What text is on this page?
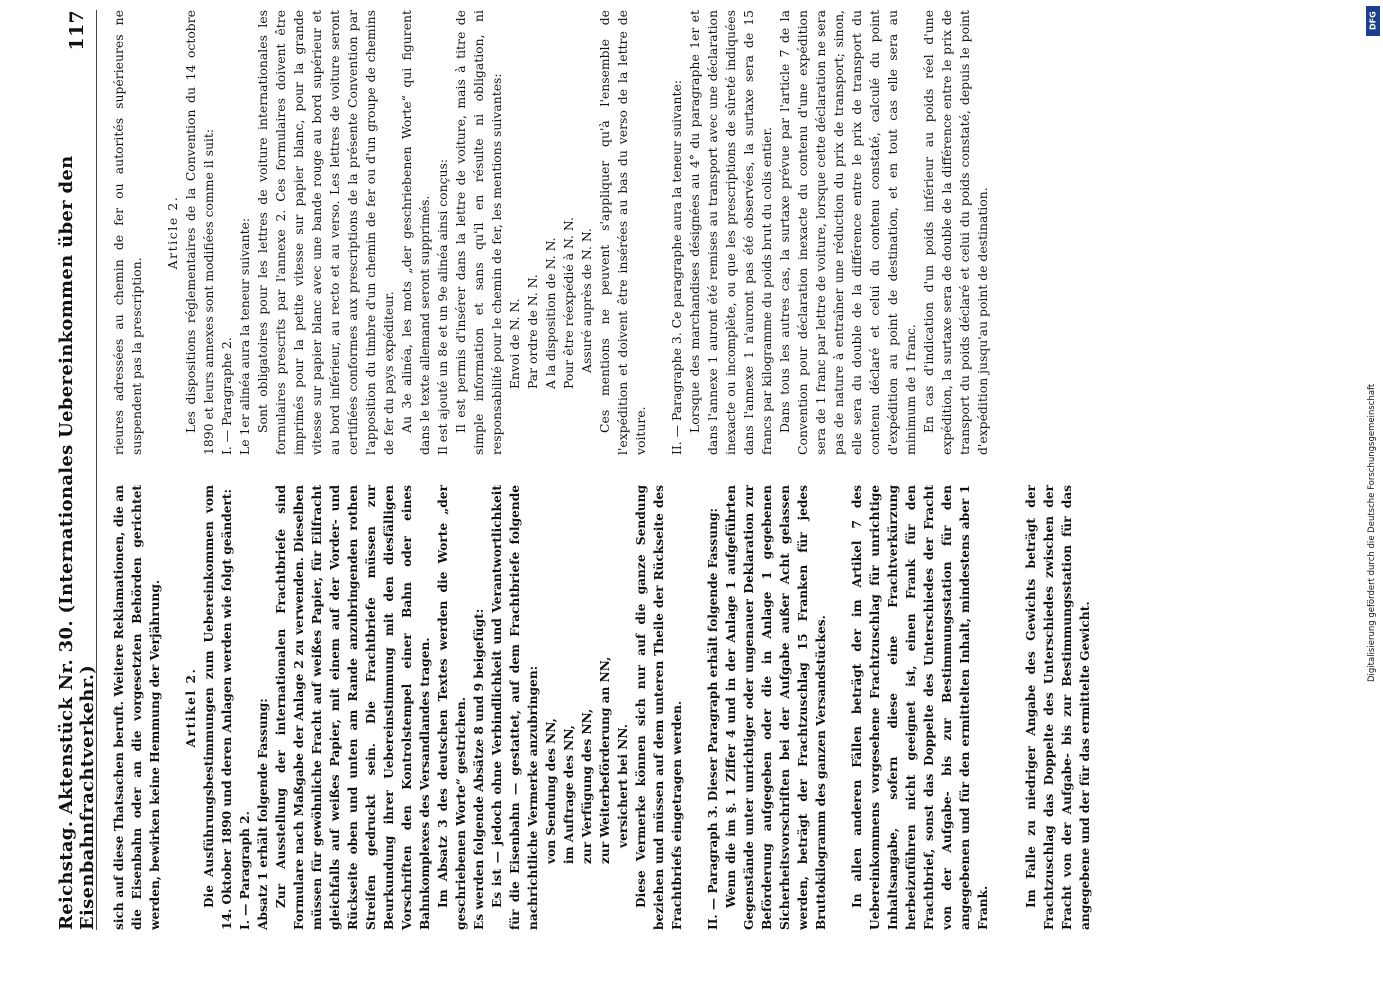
Reichstag. Aktenstück Nr. 30. (Internationales Uebereinkommen über den Eisenbahnfrachtverkehr.)
117

sich auf diese Thatsachen beruft. Weitere Reklamationen, die an die Eisenbahn oder an die vorgesetzten Behörden gerichtet werden, bewirken keine Hemmung der Verjährung. Artikel 2. Die Ausführungsbestimmungen zum Uebereinkommen vom 14. Oktober 1890 und deren Anlagen werden wie folgt geändert: I. — Paragraph 2. Absatz 1 erhält folgende Fassung: Zur Ausstellung der internationalen Frachtbriefe sind Formulare nach Maßgabe der Anlage 2 zu verwenden. Dieselben müssen für gewöhnliche Fracht auf weißes Papier, für Eilfracht gleichfalls auf weißes Papier, mit einem auf der Vorder- und Rückseite oben und unten am Rande anzubringenden rothen Streifen gedruckt sein. Die Frachtbriefe müssen zur Beurkundung ihrer Uebereinstimmung mit den diesfälligen Vorschriften den Kontrolstempel einer Bahn oder eines Bahnkomplexes des Versandlandes tragen. Im Absatz 3 des deutschen Textes werden die Worte „der geschriebenen Worte“ gestrichen. Es werden folgende Absätze 8 und 9 beigefügt: Es ist — jedoch ohne Verbindlichkeit und Verantwortlichkeit für die Eisenbahn — gestattet, auf dem Frachtbriefe folgende nachrichtliche Vermerke anzubringen: von Sendung des NN, im Auftrage des NN, zur Verfügung des NN, zur Weiterbeförderung an NN, versichert bei NN. Diese Vermerke können sich nur auf die ganze Sendung beziehen und müssen auf dem unteren Theile der Rückseite des Frachtbriefs eingetragen werden. II. — Paragraph 3. Dieser Paragraph erhält folgende Fassung: Wenn die im §. 1 Ziffer 4 und in der Anlage 1 aufgeführten Gegenstände unter unrichtiger oder ungenauer Deklaration zur Beförderung aufgegeben oder die in Anlage 1 gegebenen Sicherheitsvorschriften bei der Aufgabe außer Acht gelassen werden, beträgt der Frachtzuschlag 15 Franken für jedes Bruttokilogramm des ganzen Versandstückes. In allen anderen Fällen beträgt der im Artikel 7 des Uebereinkommens vorgesehene Frachtzuschlag für unrichtige Inhaltsangabe, sofern diese eine Frachtverkürzung herbeizuführen nicht geeignet ist, einen Frank für den Frachtbrief, sonst das Doppelte des Unterschiedes der Fracht von der Aufgabe- bis zur Bestimmungsstation für den angegebenen und für den ermittelten Inhalt, mindestens aber 1 Frank.	Im Falle zu niedriger Angabe des Gewichts beträgt der Frachtzuschlag das Doppelte des Unterschiedes zwischen der Fracht von der Aufgabe- bis zur Bestimmungsstation für das angegebene und der für das ermittelte Gewicht.

rieures adressées au chemin de fer ou autorités supérieures ne suspendent pas la prescription.

Article 2. Les dispositions réglementaires de la Convention du 14 octobre 1890 et leurs annexes sont modifiées comme il suit: I. — Paragraphe 2. Le 1er alinéa aura la teneur suivante: Sont obligatoires pour les lettres de voiture internationales les formulaires prescrits par l'annexe 2. Ces formulaires doivent être imprimés pour la petite vitesse sur papier blanc, pour la grande vitesse sur papier blanc avec une bande rouge au bord supérieur et au bord inférieur, au recto et au verso. Les lettres de voiture seront certifiées conformes aux prescriptions de la présente Convention par l'apposition du timbre d'un chemin de fer ou d'un groupe de chemins de fer du pays expéditeur. Au 3e alinéa, les mots „der geschriebenen Worte“ qui figurent dans le texte allemand seront supprimés. Il est ajouté un 8e et un 9e alinéa ainsi conçus: Il est permis d'insérer dans la lettre de voiture, mais à titre de simple information et sans qu'il en résulte ni obligation, ni responsabilité pour le chemin de fer, les mentions suivantes: Envoi de N. N. Par ordre de N. N. A la disposition de N. N. Pour être réexpédié à N. N. Assuré auprès de N. N. Ces mentions ne peuvent s'appliquer qu'à l'ensemble de l'expédition et doivent être insérées au bas du verso de la lettre de voiture. II. — Paragraphe 3. Ce paragraphe aura la teneur suivante: Lorsque des marchandises désignées au 4° du paragraphe 1er et dans l'annexe 1 auront été remises au transport avec une déclaration inexacte ou incomplète, ou que les prescriptions de sûreté indiquées dans l'annexe 1 n'auront pas été observées, la surtaxe sera de 15 francs par kilogramme du poids brut du colis entier. Dans tous les autres cas, la surtaxe prévue par l'article 7 de la Convention pour déclaration inexacte du contenu d'une expédition sera de 1 franc par lettre de voiture, lorsque cette déclaration ne sera pas de nature à entraîner une réduction du prix de transport; sinon, elle sera du double de la différence entre le prix de transport du contenu déclaré et celui du contenu constaté, calculé du point d'expédition au point de destination, et en tout cas elle sera au minimum de 1 franc. En cas d'indication d'un poids inférieur au poids réel d'une expédition, la surtaxe sera de double de la différence entre le prix de transport du poids déclaré et celui du poids constaté, depuis le point d'expédition jusqu'au point de destination.

DFG
Digitalisierung gefördert durch die Deutsche Forschungsgemeinschaft
